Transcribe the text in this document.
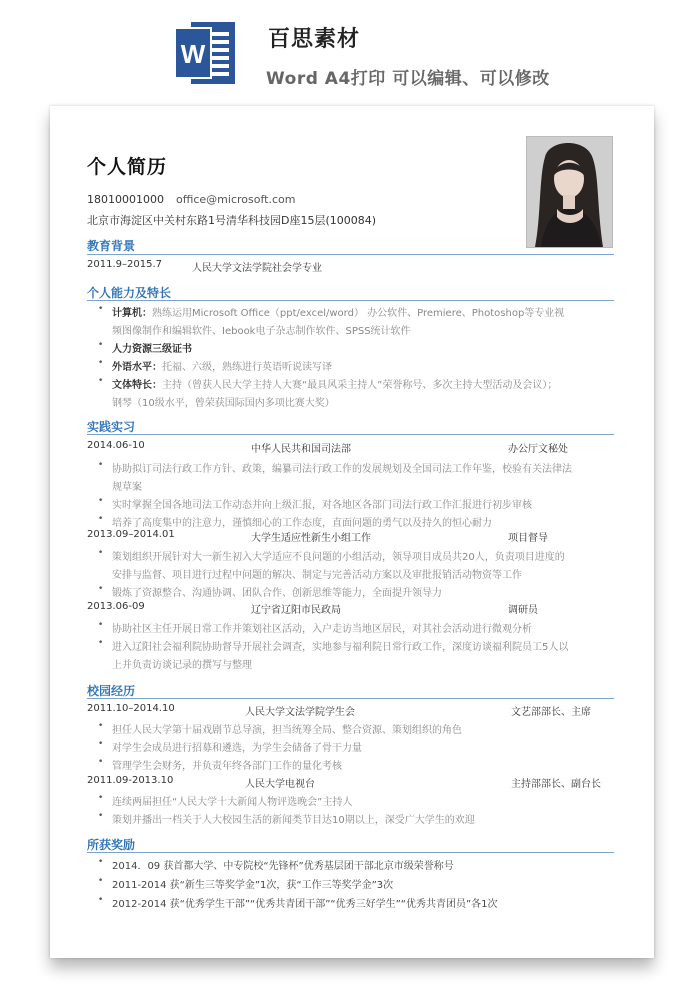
W	百思素材
Word A4打印 可以编辑、可以修改
个人简历
18010001000 office@microsoft.com
北京市海淀区中关村东路1号清华科技园D座15层(100084)
教育背景
2011.9–2015.7	人民大学文法学院社会学专业
个人能力及特长
• 计算机：熟练运用Microsoft Office（ppt/excel/word） 办公软件、Premiere、Photoshop等专业视
频图像制作和编辑软件、Iebook电子杂志制作软件、SPSS统计软件
• 人力资源三级证书
• 外语水平：托福、六级，熟练进行英语听说读写译
• 文体特长：主持（曾获人民大学主持人大赛“最具风采主持人”荣誉称号、多次主持大型活动及会议）；
钢琴（10级水平，曾荣获国际国内多项比赛大奖）
实践实习
2014.06-10	中华人民共和国司法部	办公厅文秘处
• 协助拟订司法行政工作方针、政策，编纂司法行政工作的发展规划及全国司法工作年鉴，校验有关法律法
规草案
• 实时掌握全国各地司法工作动态并向上级汇报，对各地区各部门司法行政工作汇报进行初步审核
• 培养了高度集中的注意力，谨慎细心的工作态度，直面问题的勇气以及持久的恒心耐力
2013.09–2014.01	大学生适应性新生小组工作	项目督导
• 策划组织开展针对大一新生初入大学适应不良问题的小组活动，领导项目成员共20人，负责项目进度的
安排与监督、项目进行过程中问题的解决、制定与完善活动方案以及审批报销活动物资等工作
• 锻炼了资源整合、沟通协调、团队合作、创新思维等能力，全面提升领导力
2013.06-09	辽宁省辽阳市民政局	调研员
• 协助社区主任开展日常工作并策划社区活动，入户走访当地区居民，对其社会活动进行微观分析
• 进入辽阳社会福利院协助督导开展社会调查，实地参与福利院日常行政工作，深度访谈福利院员工5人以
上并负责访谈记录的撰写与整理
校园经历
2011.10–2014.10	人民大学文法学院学生会	文艺部部长、主席
• 担任人民大学第十届戏剧节总导演，担当统筹全局、整合资源、策划组织的角色
• 对学生会成员进行招募和遴选，为学生会储备了骨干力量
• 管理学生会财务，并负责年终各部门工作的量化考核
2011.09-2013.10	人民大学电视台	主持部部长、副台长
• 连续两届担任“人民大学十大新闻人物评选晚会”主持人
• 策划并播出一档关于人大校园生活的新闻类节目达10期以上，深受广大学生的欢迎
所获奖励
• 2014．09 获首都大学、中专院校“先锋杯”优秀基层团干部北京市级荣誉称号
• 2011-2014 获“新生三等奖学金”1次，获“工作三等奖学金”3次
• 2012-2014 获“优秀学生干部”“优秀共青团干部”“优秀三好学生”“优秀共青团员”各1次
